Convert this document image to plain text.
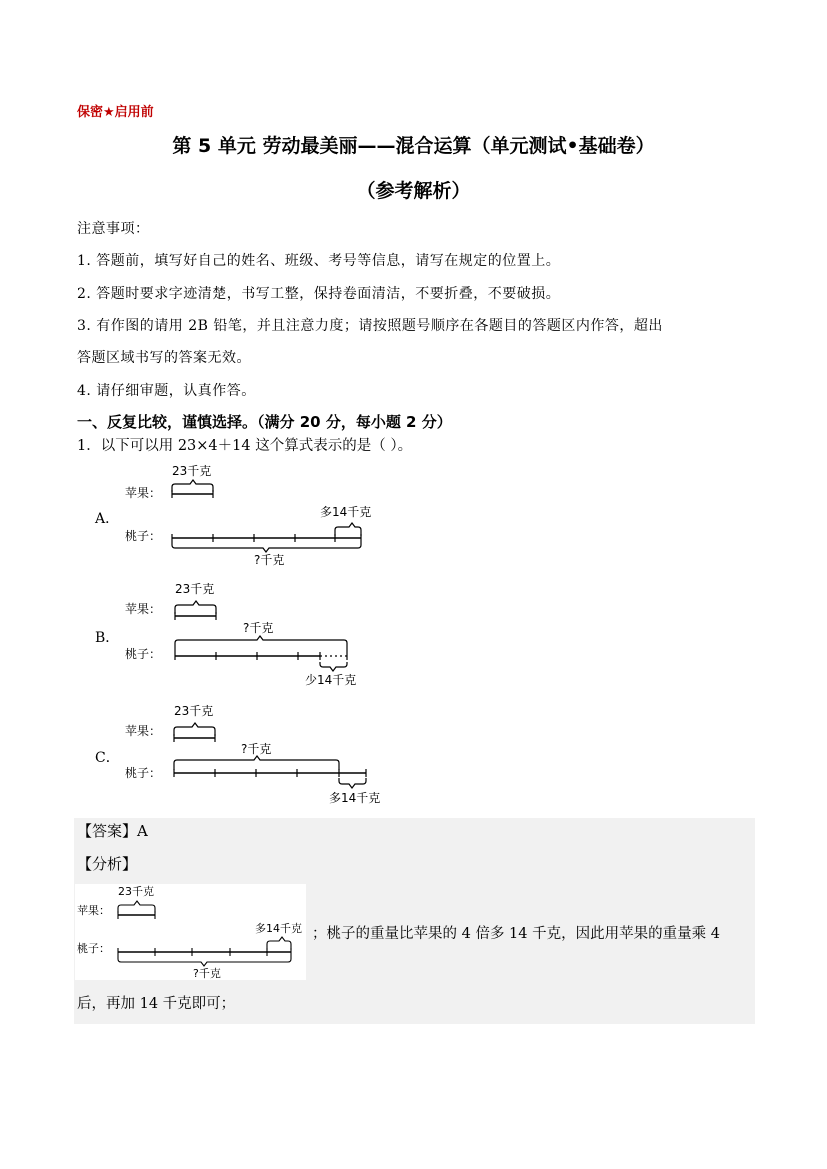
保密★启用前
第 5 单元 劳动最美丽——混合运算（单元测试•基础卷）
（参考解析）
注意事项：
1. 答题前，填写好自己的姓名、班级、考号等信息，请写在规定的位置上。
2. 答题时要求字迹清楚，书写工整，保持卷面清洁，不要折叠，不要破损。
3. 有作图的请用 2B 铅笔，并且注意力度；请按照题号顺序在各题目的答题区内作答，超出
答题区域书写的答案无效。
4. 请仔细审题，认真作答。
一、反复比较，谨慎选择。（满分 20 分，每小题 2 分）
1．以下可以用 23×4＋14 这个算式表示的是（ ）。
A．
23千克
苹果：
多14千克
桃子：
?千克
B．
23千克
苹果：
?千克
桃子：
少14千克
C．
23千克
苹果：
?千克
桃子：
多14千克
【答案】A
【分析】
23千克
苹果：
多14千克
桃子：
?千克
；桃子的重量比苹果的 4 倍多 14 千克，因此用苹果的重量乘 4
后，再加 14 千克即可；
